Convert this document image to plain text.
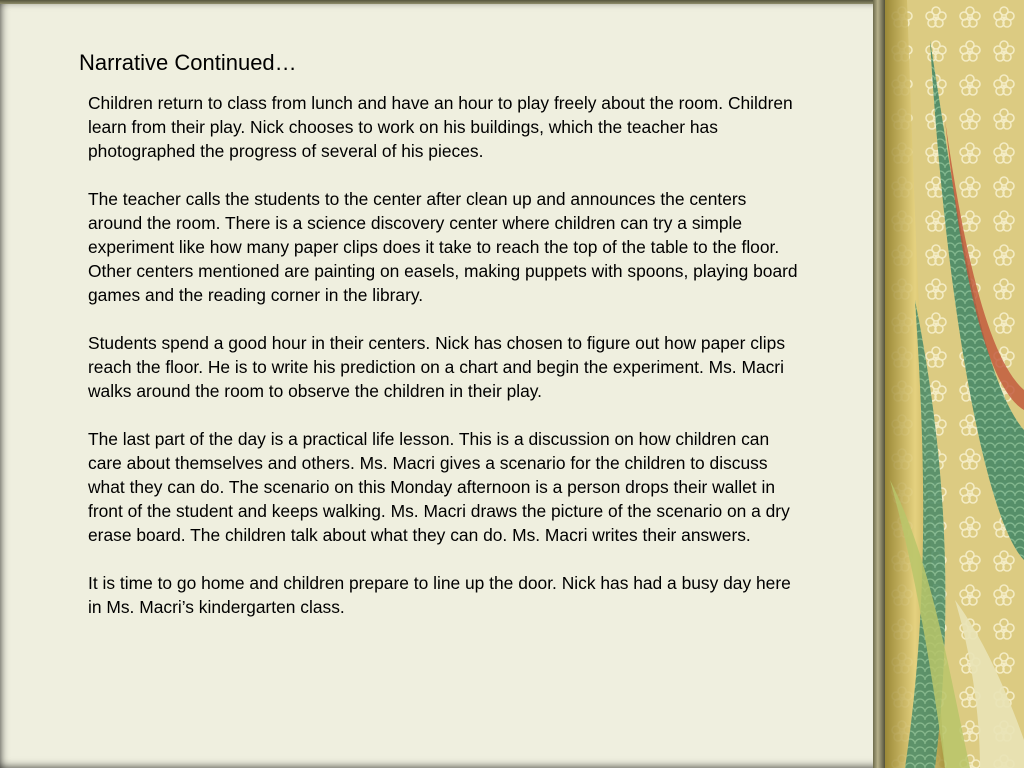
Narrative Continued…

Children return to class from lunch and have an hour to play freely about the room. Children learn from their play. Nick chooses to work on his buildings, which the teacher has photographed the progress of several of his pieces.

The teacher calls the students to the center after clean up and announces the centers around the room. There is a science discovery center where children can try a simple experiment like how many paper clips does it take to reach the top of the table to the floor. Other centers mentioned are painting on easels, making puppets with spoons, playing board games and the reading corner in the library.

Students spend a good hour in their centers. Nick has chosen to figure out how paper clips reach the floor. He is to write his prediction on a chart and begin the experiment. Ms. Macri walks around the room to observe the children in their play.

The last part of the day is a practical life lesson. This is a discussion on how children can care about themselves and others. Ms. Macri gives a scenario for the children to discuss what they can do. The scenario on this Monday afternoon is a person drops their wallet in front of the student and keeps walking. Ms. Macri draws the picture of the scenario on a dry erase board. The children talk about what they can do. Ms. Macri writes their answers.

It is time to go home and children prepare to line up the door. Nick has had a busy day here in Ms. Macri’s kindergarten class.
